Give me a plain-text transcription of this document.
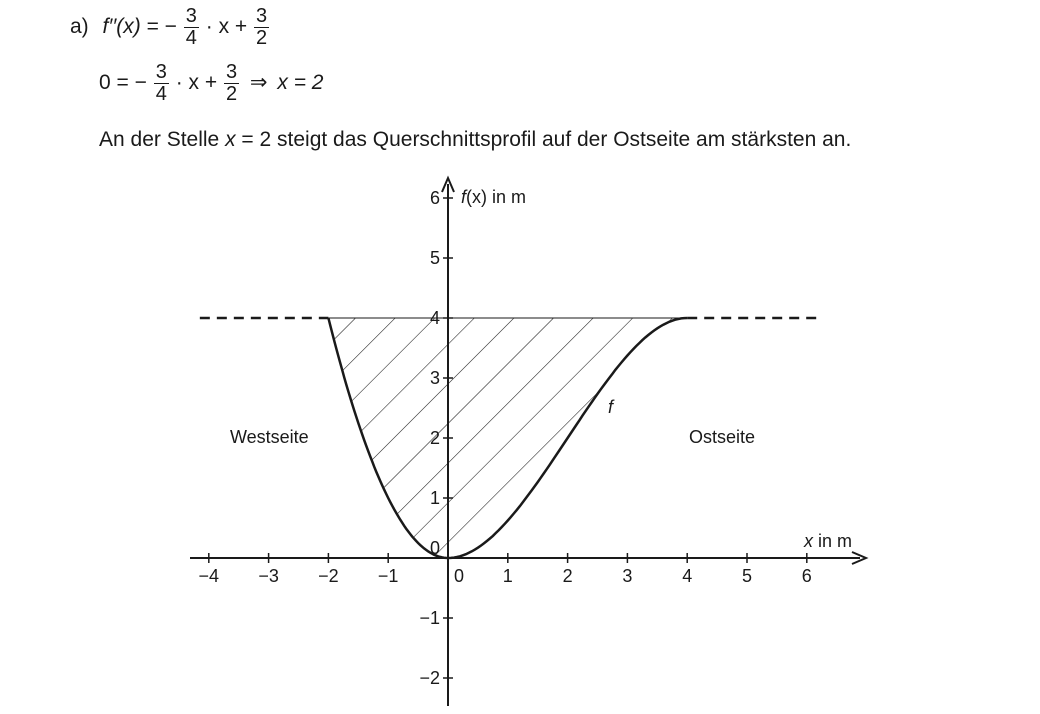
a) f′′(x) = − $\frac{3}{4} \cdot x + \frac{3}{2}$
0 = − $\frac{3}{4} \cdot x + \frac{3}{2}$ ⇒ x = 2
An der Stelle x = 2 steigt das Querschnittsprofil auf der Ostseite am stärksten an.
−4 −3 −2 −1	0 1	2	3	4	5	6
−2
−1
0
1
2
3
4
5
6
x in m
f(x) in m
f
Westseite	Ostseite
